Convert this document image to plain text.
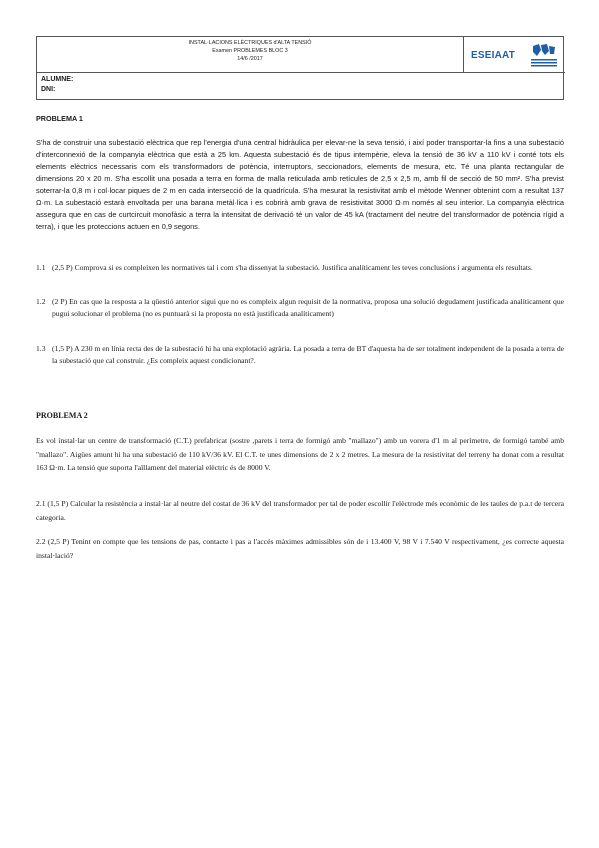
INSTAL·LACIONS ELÈCTRIQUES d'ALTA TENSIÓ
Examen PROBLEMES BLOC 3
14/6 /2017	ESEIAAT
ALUMNE:
DNI:
PROBLEMA 1
S'ha de construir una subestació elèctrica que rep l'energia d'una central hidràulica per elevar-ne la seva tensió, i així poder transportar-la fins a una subestació d'interconnexió de la companyia elèctrica que està a 25 km. Aquesta subestació és de tipus intempèrie, eleva la tensió de 36 kV a 110 kV i conté tots els elements elèctrics necessaris com els transformadors de potència, interruptors, seccionadors, elements de mesura, etc. Té una planta rectangular de dimensions 20 x 20 m. S'ha escollit una posada a terra en forma de malla reticulada amb retícules de 2,5 x 2,5 m, amb fil de secció de 50 mm². S'ha previst soterrar-la 0,8 m i col·locar piques de 2 m en cada intersecció de la quadrícula. S'ha mesurat la resistivitat amb el mètode Wenner obtenint com a resultat 137 Ω·m. La subestació estarà envoltada per una barana metàl·lica i es cobrirà amb grava de resistivitat 3000 Ω·m només al seu interior. La companyia elèctrica assegura que en cas de curtcircuit monofàsic a terra la intensitat de derivació té un valor de 45 kA (tractament del neutre del transformador de potència rígid a terra), i que les proteccions actuen en 0,9 segons.
1.1 (2,5 P) Comprova si es compleixen les normatives tal i com s'ha dissenyat la subestació. Justifica analíticament les teves conclusions i argumenta els resultats.
1.2 (2 P) En cas que la resposta a la qüestió anterior sigui que no es compleix algun requisit de la normativa, proposa una solució degudament justificada analíticament que pugui solucionar el problema (no es puntuarà si la proposta no està justificada analíticament)
1.3 (1,5 P) A 230 m en línia recta des de la subestació hi ha una explotació agrària. La posada a terra de BT d'aquesta ha de ser totalment independent de la posada a terra de la subestació que cal construir. ¿Es compleix aquest condicionant?.
PROBLEMA 2
Es vol instal·lar un centre de transformació (C.T.) prefabricat (sostre ,parets i terra de formigó amb "mallazo") amb un vorera d'1 m al perímetre, de formigó també amb "mallazo". Aigües amunt hi ha una subestació de 110 kV/36 kV. El C.T. te unes dimensions de 2 x 2 metres. La mesura de la resistivitat del terreny ha donat com a resultat 163 Ω·m. La tensió que suporta l'aïllament del material elèctric és de 8000 V.
2.1 (1,5 P) Calcular la resistència a instal·lar al neutre del costat de 36 kV del transformador per tal de poder escollir l'elèctrode més econòmic de les taules de p.a.t de tercera categoria.
2.2 (2,5 P) Tenint en compte que les tensions de pas, contacte i pas a l'accés màximes admissibles són de i 13.400 V, 98 V i 7.540 V respectivament, ¿es correcte aquesta instal·lació?
